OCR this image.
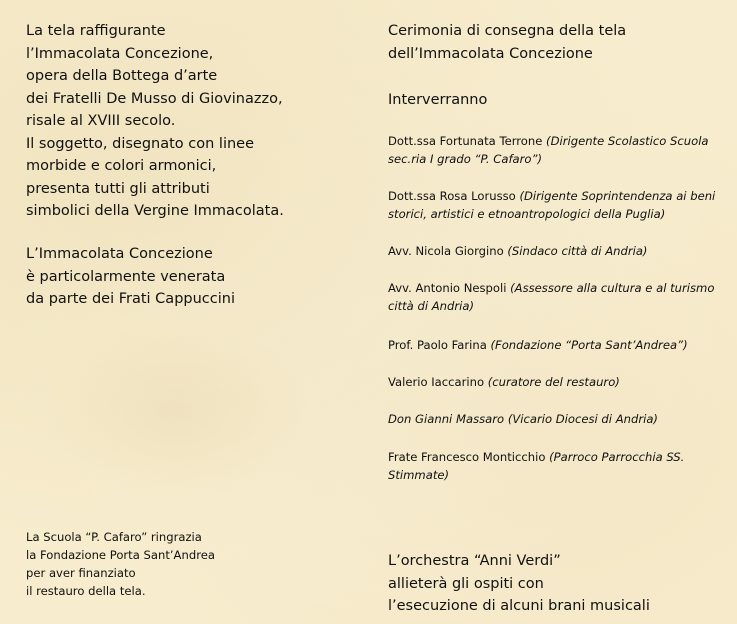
La tela raffigurante
l’Immacolata Concezione,
opera della Bottega d’arte
dei Fratelli De Musso di Giovinazzo,
risale al XVIII secolo.
Il soggetto, disegnato con linee
morbide e colori armonici,
presenta tutti gli attributi
simbolici della Vergine Immacolata.

L’Immacolata Concezione
è particolarmente venerata
da parte dei Frati Cappuccini

La Scuola “P. Cafaro” ringrazia
la Fondazione Porta Sant’Andrea
per aver finanziato
il restauro della tela.

Cerimonia di consegna della tela
dell’Immacolata Concezione

Interverranno

Dott.ssa Fortunata Terrone (Dirigente Scolastico Scuola sec.ria I grado “P. Cafaro”)
Dott.ssa Rosa Lorusso (Dirigente Soprintendenza ai beni storici, artistici e etnoantropologici della Puglia)
Avv. Nicola Giorgino (Sindaco città di Andria)
Avv. Antonio Nespoli (Assessore alla cultura e al turismo città di Andria)
Prof. Paolo Farina (Fondazione “Porta Sant’Andrea”)
Valerio Iaccarino (curatore del restauro)
Don Gianni Massaro (Vicario Diocesi di Andria)
Frate Francesco Monticchio (Parroco Parrocchia SS. Stimmate)

L’orchestra “Anni Verdi”
allieterà gli ospiti con
l’esecuzione di alcuni brani musicali
